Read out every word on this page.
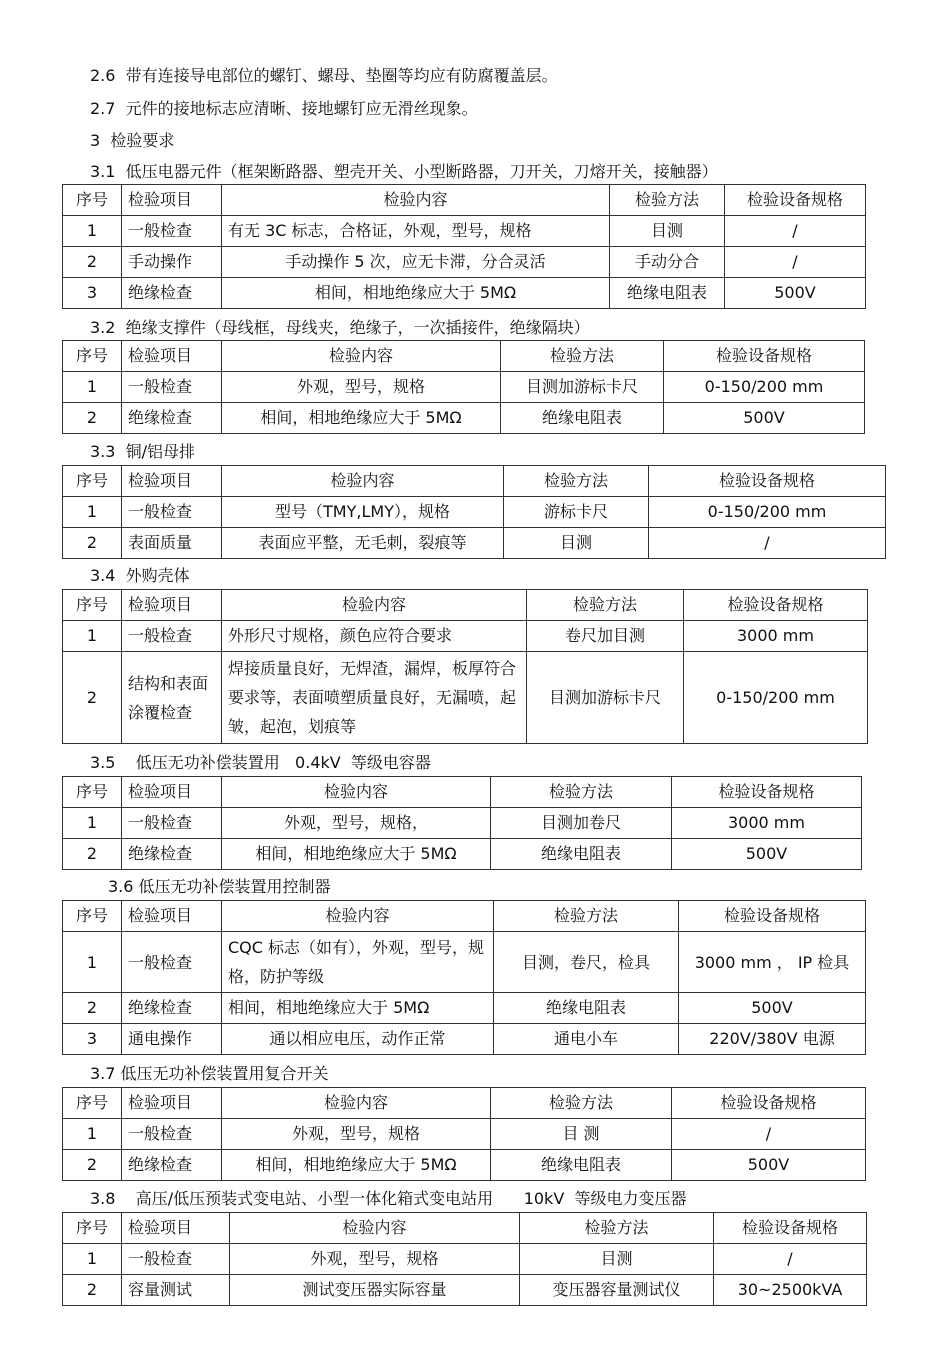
2.6  带有连接导电部位的螺钉、螺母、垫圈等均应有防腐覆盖层。
2.7  元件的接地标志应清晰、接地螺钉应无滑丝现象。
3  检验要求
3.1  低压电器元件（框架断路器、塑壳开关、小型断路器，刀开关，刀熔开关，接触器）
序号	检验项目	检验内容	检验方法	检验设备规格
1	一般检查	有无 3C 标志，合格证，外观，型号，规格	目测	/
2	手动操作	手动操作 5 次，应无卡滞，分合灵活	手动分合	/
3	绝缘检查	相间，相地绝缘应大于 5MΩ	绝缘电阻表	500V
3.2  绝缘支撑件（母线框，母线夹，绝缘子，一次插接件，绝缘隔块）
序号	检验项目	检验内容	检验方法	检验设备规格
1	一般检查	外观，型号，规格	目测加游标卡尺	0-150/200 mm
2	绝缘检查	相间，相地绝缘应大于 5MΩ	绝缘电阻表	500V
3.3  铜/铝母排
序号	检验项目	检验内容	检验方法	检验设备规格
1	一般检查	型号（TMY,LMY），规格	游标卡尺	0-150/200 mm
2	表面质量	表面应平整，无毛刺，裂痕等	目测	/
3.4  外购壳体
序号	检验项目	检验内容	检验方法	检验设备规格
1	一般检查	外形尺寸规格，颜色应符合要求	卷尺加目测	3000 mm
2	结构和表面涂覆检查	焊接质量良好，无焊渣，漏焊，板厚符合要求等，表面喷塑质量良好，无漏喷，起皱，起泡，划痕等	目测加游标卡尺	0-150/200 mm
3.5    低压无功补偿装置用   0.4kV  等级电容器
序号	检验项目	检验内容	检验方法	检验设备规格
1	一般检查	外观，型号，规格，	目测加卷尺	3000 mm
2	绝缘检查	相间，相地绝缘应大于 5MΩ	绝缘电阻表	500V
3.6 低压无功补偿装置用控制器
序号	检验项目	检验内容	检验方法	检验设备规格
1	一般检查	CQC 标志（如有），外观，型号，规格，防护等级	目测，卷尺，检具	3000 mm ， IP 检具
2	绝缘检查	相间，相地绝缘应大于 5MΩ	绝缘电阻表	500V
3	通电操作	通以相应电压，动作正常	通电小车	220V/380V 电源
3.7 低压无功补偿装置用复合开关
序号	检验项目	检验内容	检验方法	检验设备规格
1	一般检查	外观，型号，规格	目 测	/
2	绝缘检查	相间，相地绝缘应大于 5MΩ	绝缘电阻表	500V
3.8    高压/低压预装式变电站、小型一体化箱式变电站用      10kV  等级电力变压器
序号	检验项目	检验内容	检验方法	检验设备规格
1	一般检查	外观，型号，规格	目测	/
2	容量测试	测试变压器实际容量	变压器容量测试仪	30~2500kVA
